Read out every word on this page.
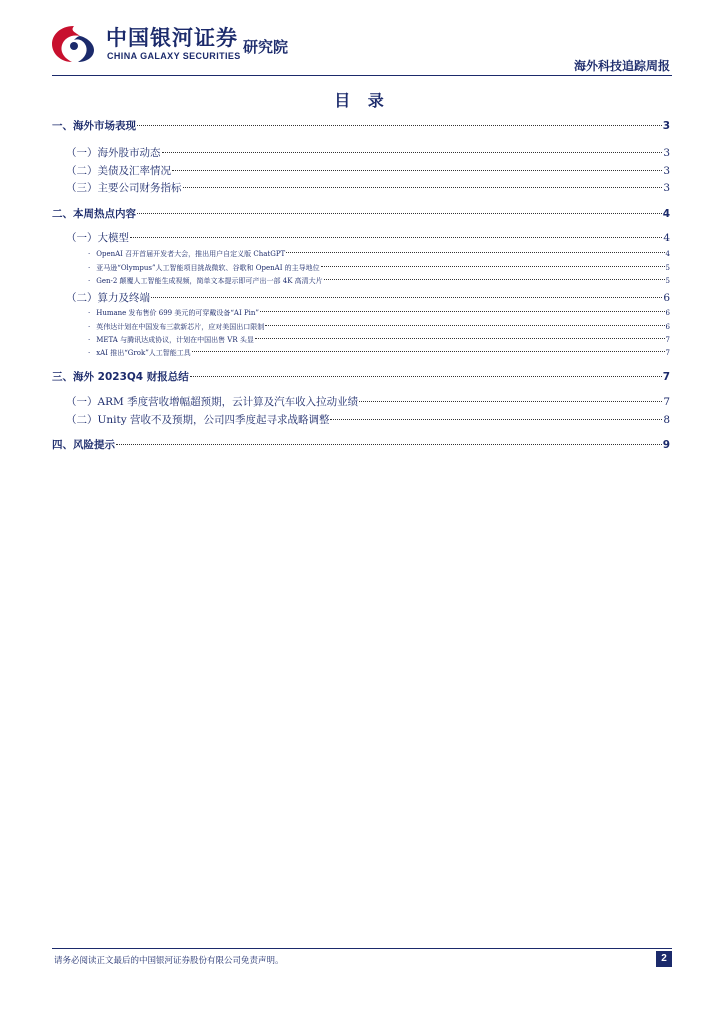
中国银河证券
CHINA GALAXY SECURITIES 研究院
海外科技追踪周报
目 录
一、海外市场表现	3
（一）海外股市动态	3
（二）美债及汇率情况	3
（三）主要公司财务指标	3
二、本周热点内容	4
（一）大模型	4
· OpenAI 召开首届开发者大会，推出用户自定义版 ChatGPT	4
· 亚马逊“Olympus”人工智能项目挑战微软、谷歌和 OpenAI 的主导地位	5
· Gen-2 颠覆人工智能生成视频，简单文本提示即可产出一部 4K 高清大片	5
（二）算力及终端	6
· Humane 发布售价 699 美元的可穿戴设备“AI Pin”	6
· 英伟达计划在中国发布三款新芯片，应对美国出口限制	6
· META 与腾讯达成协议，计划在中国出售 VR 头显	7
· xAI 推出“Grok”人工智能工具	7
三、海外 2023Q4 财报总结	7
（一）ARM 季度营收增幅超预期，云计算及汽车收入拉动业绩	7
（二）Unity 营收不及预期，公司四季度起寻求战略调整	8
四、风险提示	9
请务必阅读正文最后的中国银河证券股份有限公司免责声明。	2
